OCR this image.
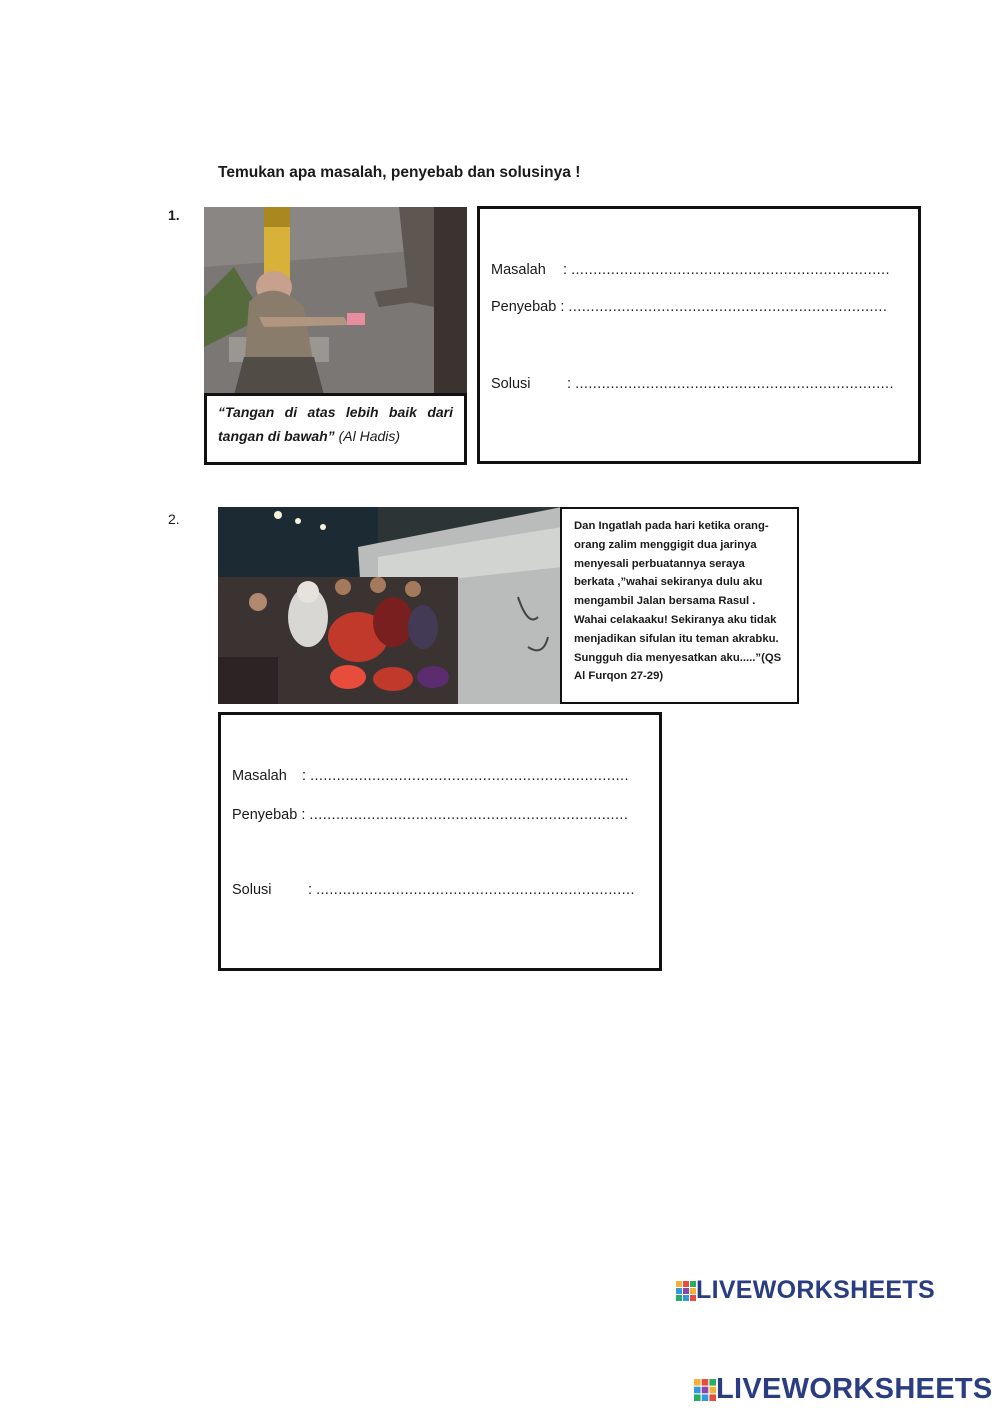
Temukan apa masalah, penyebab dan solusinya !
1.
“Tangan di atas lebih baik dari tangan di bawah” (Al Hadis)
Masalah : ........................................................................
Penyebab : ........................................................................
Solusi	: ........................................................................
2.	Dan Ingatlah pada hari ketika orang-orang zalim menggigit dua jarinya menyesali perbuatannya seraya berkata ,”wahai sekiranya dulu aku mengambil Jalan bersama Rasul . Wahai celakaaku! Sekiranya aku tidak menjadikan sifulan itu teman akrabku. Sungguh dia menyesatkan aku.....”(QS Al Furqon 27-29)
Masalah : ........................................................................
Penyebab : ........................................................................
Solusi	: ........................................................................
LIVEWORKSHEETS
LIVEWORKSHEETS
